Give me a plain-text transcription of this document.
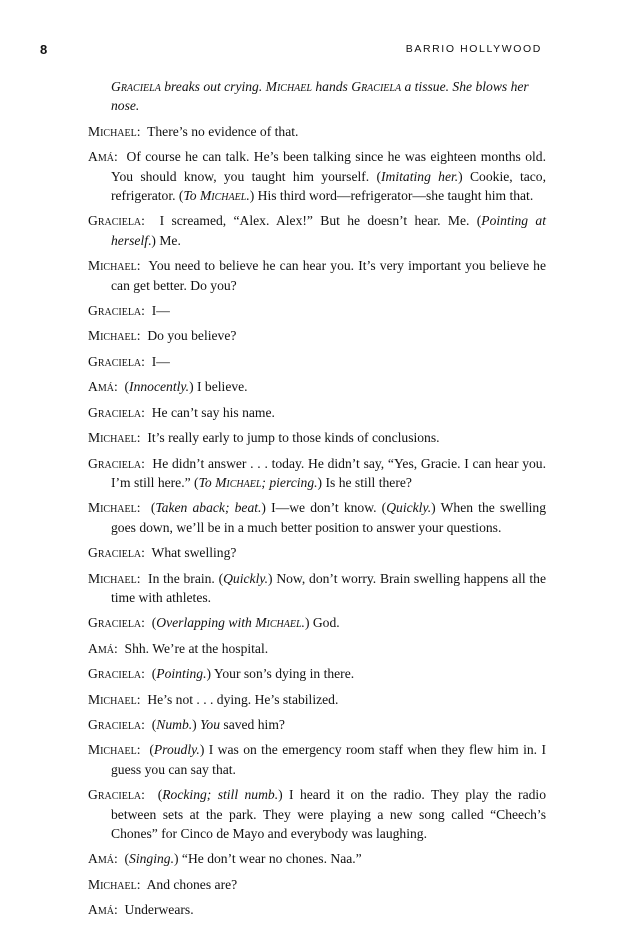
8	BARRIO HOLLYWOOD

Graciela breaks out crying. Michael hands Graciela a tissue. She blows her nose.

Michael:  There’s no evidence of that.

Amá:  Of course he can talk. He’s been talking since he was eighteen months old. You should know, you taught him yourself. (Imitating her.) Cookie, taco, refrigerator. (To Michael.) His third word—refrigerator—she taught him that.

Graciela:  I screamed, “Alex. Alex!” But he doesn’t hear. Me. (Pointing at herself.) Me.

Michael:  You need to believe he can hear you. It’s very important you believe he can get better. Do you?

Graciela:  I—

Michael:  Do you believe?

Graciela:  I—

Amá:  (Innocently.) I believe.

Graciela:  He can’t say his name.

Michael:  It’s really early to jump to those kinds of conclusions.

Graciela:  He didn’t answer . . . today. He didn’t say, “Yes, Gracie. I can hear you. I’m still here.” (To Michael; piercing.) Is he still there?

Michael:  (Taken aback; beat.) I—we don’t know. (Quickly.) When the swelling goes down, we’ll be in a much better position to answer your questions.

Graciela:  What swelling?

Michael:  In the brain. (Quickly.) Now, don’t worry. Brain swelling happens all the time with athletes.

Graciela:  (Overlapping with Michael.) God.

Amá:  Shh. We’re at the hospital.

Graciela:  (Pointing.) Your son’s dying in there.

Michael:  He’s not . . . dying. He’s stabilized.

Graciela:  (Numb.) You saved him?

Michael:  (Proudly.) I was on the emergency room staff when they flew him in. I guess you can say that.

Graciela:  (Rocking; still numb.) I heard it on the radio. They play the radio between sets at the park. They were playing a new song called “Cheech’s Chones” for Cinco de Mayo and everybody was laughing.

Amá:  (Singing.) “He don’t wear no chones. Naa.”

Michael:  And chones are?

Amá:  Underwears.
